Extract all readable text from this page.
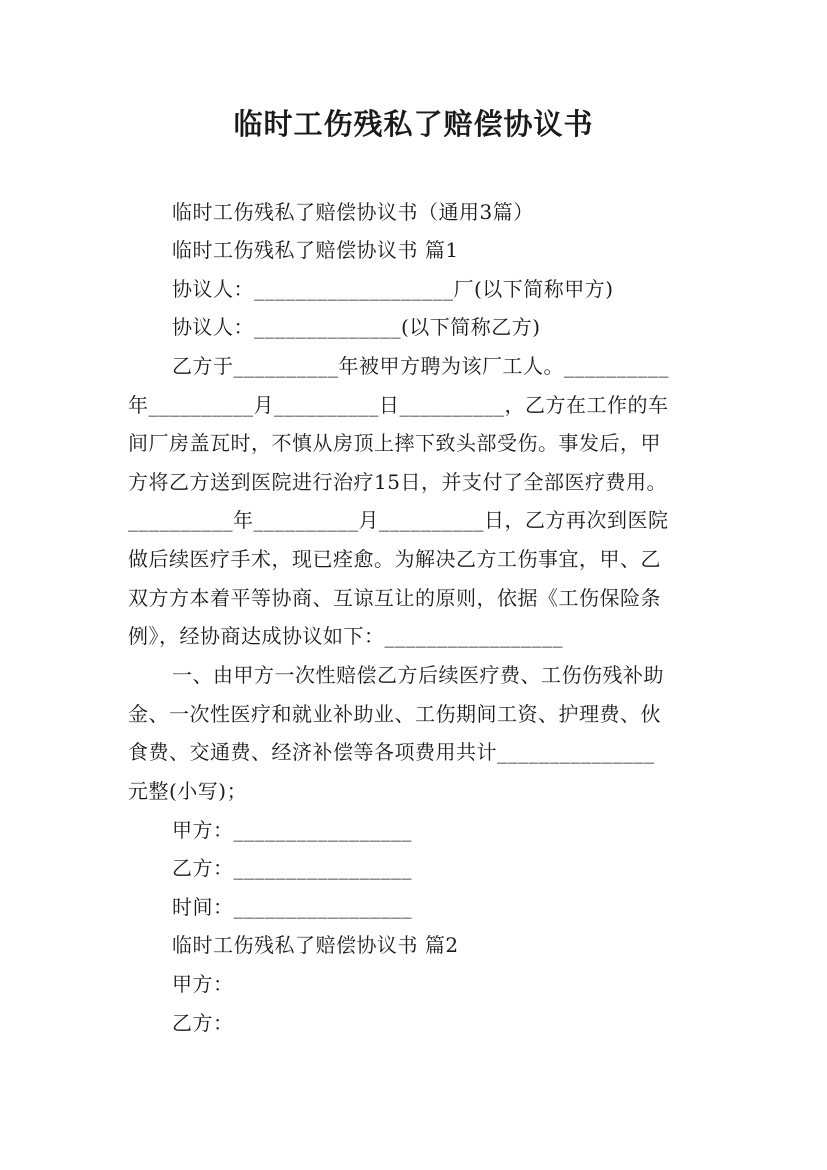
临时工伤残私了赔偿协议书
临时工伤残私了赔偿协议书（通用3篇）
临时工伤残私了赔偿协议书 篇1
协议人：___________________厂(以下简称甲方)
协议人：______________(以下简称乙方)
乙方于__________年被甲方聘为该厂工人。__________
年__________月__________日__________，乙方在工作的车
间厂房盖瓦时，不慎从房顶上摔下致头部受伤。事发后，甲
方将乙方送到医院进行治疗15日，并支付了全部医疗费用。
__________年__________月__________日，乙方再次到医院
做后续医疗手术，现已痊愈。为解决乙方工伤事宜，甲、乙
双方方本着平等协商、互谅互让的原则，依据《工伤保险条
例》，经协商达成协议如下：_________________
一、由甲方一次性赔偿乙方后续医疗费、工伤伤残补助
金、一次性医疗和就业补助业、工伤期间工资、护理费、伙
食费、交通费、经济补偿等各项费用共计_______________
元整(小写)；
甲方：_________________
乙方：_________________
时间：_________________
临时工伤残私了赔偿协议书 篇2
甲方：
乙方：
